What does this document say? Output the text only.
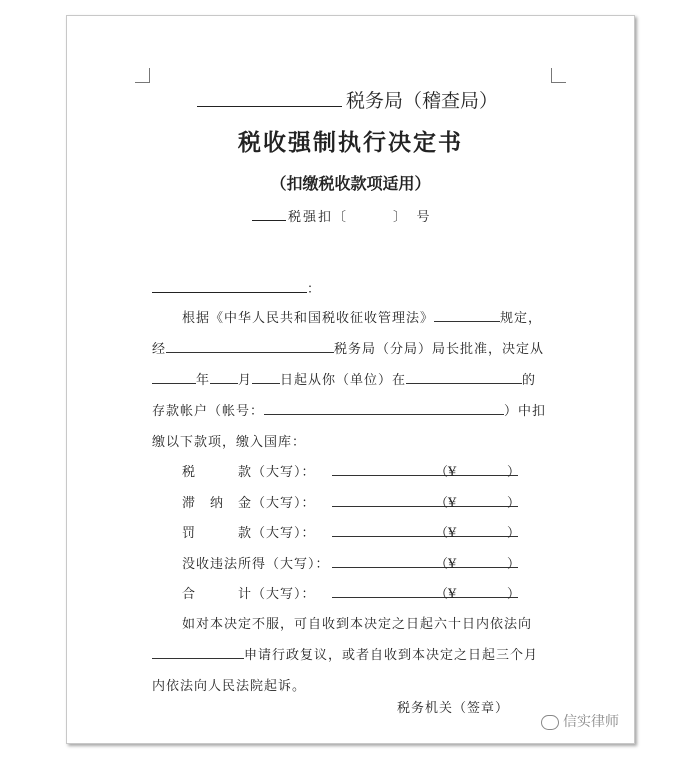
税务局（稽查局）
税收强制执行决定书
（扣缴税收款项适用）
税强扣〔　　　〕　号
：
根据《中华人民共和国税收征收管理法》	规定，
经	税务局（分局）局长批准，决定从
年 月 日起从你（单位）在	的
存款帐户（帐号：	）中扣
缴以下款项，缴入国库：
税　　　款（大写）：	（¥	）
滞　纳　金（大写）：	（¥	）
罚　　　款（大写）：	（¥	）
没收违法所得（大写）：	（¥	）
合　　　计（大写）：	（¥	）
如对本决定不服，可自收到本决定之日起六十日内依法向
申请行政复议，或者自收到本决定之日起三个月
内依法向人民法院起诉。
税务机关（签章）
信实律师
